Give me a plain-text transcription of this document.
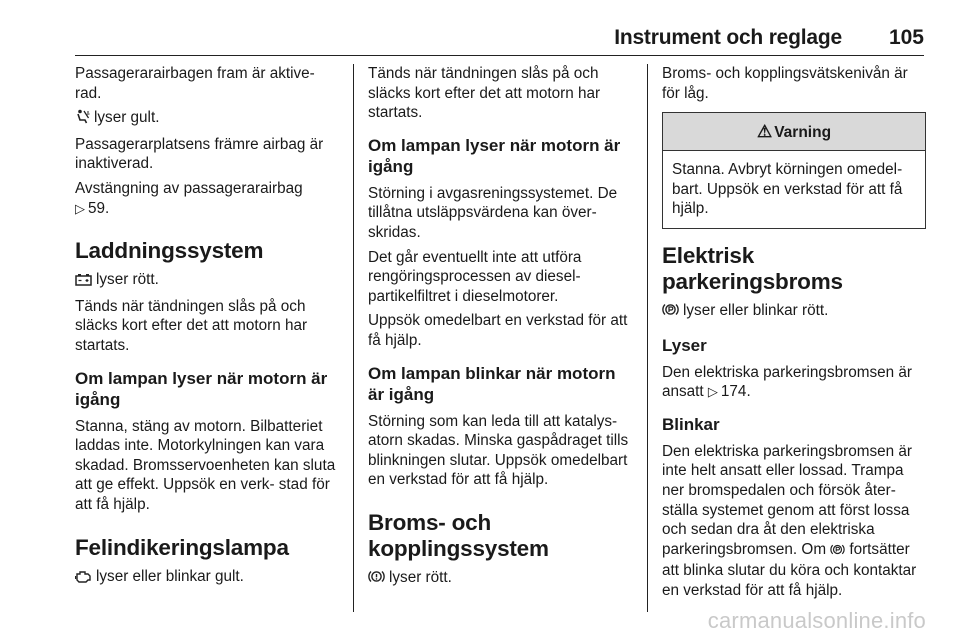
Instrument och reglage 105

Passagerarairbagen fram är aktive- rad.

lyser gult.

Passagerarplatsens främre airbag är inaktiverad.

Avstängning av passagerarairbag
▷ 59.

Laddningssystem

lyser rött.

Tänds när tändningen slås på och släcks kort efter det att motorn har startats.

Om lampan lyser när motorn är igång

Stanna, stäng av motorn. Bilbatteriet laddas inte. Motorkylningen kan vara skadad. Bromsservoenheten kan sluta att ge effekt. Uppsök en verk- stad för att få hjälp.

Felindikeringslampa

lyser eller blinkar gult.

Tänds när tändningen slås på och släcks kort efter det att motorn har startats.

Om lampan lyser när motorn är igång

Störning i avgasreningssystemet. De tillåtna utsläppsvärdena kan över- skridas.

Det går eventuellt inte att utföra rengöringsprocessen av diesel- partikelfiltret i dieselmotorer.

Uppsök omedelbart en verkstad för att få hjälp.

Om lampan blinkar när motorn är igång

Störning som kan leda till att katalys- atorn skadas. Minska gaspådraget tills blinkningen slutar. Uppsök omedelbart en verkstad för att få hjälp.

Broms- och kopplingssystem

lyser rött.

Broms- och kopplingsvätskenivån är för låg.

⚠ Varning
Stanna. Avbryt körningen omedel- bart. Uppsök en verkstad för att få hjälp.
Elektrisk parkeringsbroms

lyser eller blinkar rött.

Lyser

Den elektriska parkeringsbromsen är ansatt ▷ 174.

Blinkar

Den elektriska parkeringsbromsen är inte helt ansatt eller lossad. Trampa ner bromspedalen och försök åter- ställa systemet genom att först lossa och sedan dra åt den elektriska parkeringsbromsen. Om fortsätter att blinka slutar du köra och kontaktar en verkstad för att få hjälp.

carmanualsonline.info
